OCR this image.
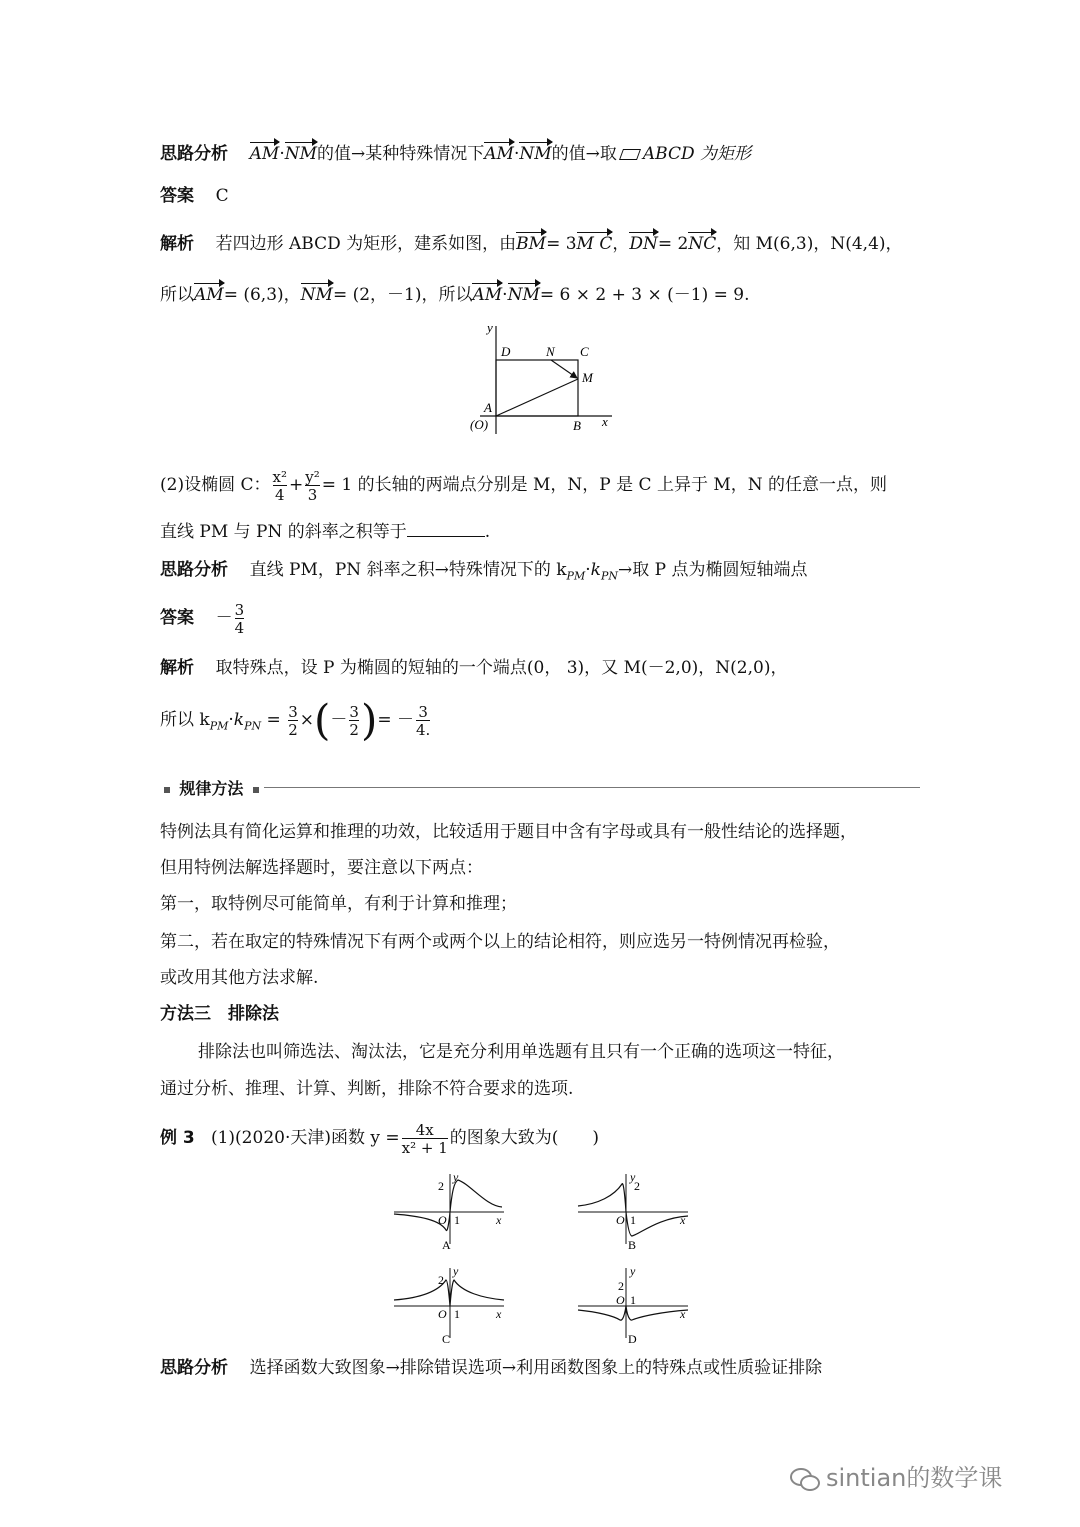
思路分析 AM·NM的值→某种特殊情况下AM·NM的值→取 ABCD 为矩形
答案 C
解析 若四边形 ABCD 为矩形，建系如图，由BM= 3M C，DN= 2NC，知 M(6,3)，N(4,4)，
所以AM= (6,3)，NM= (2，－1)，所以AM·NM= 6 × 2 + 3 × (－1) = 9.
y
x
D	N C
M
A
(O)	B
(2)设椭圆 C： $\frac{\text{x²}}{4} + \frac{\text{y²}}{3} = 1$ 的长轴的两端点分别是 M，N，P 是 C 上异于 M，N 的任意一点，则
直线 PM 与 PN 的斜率之积等于	.
思路分析 直线 PM，PN 斜率之积→特殊情况下的 $k_{PM}\cdot k_{PN}\to$取 P 点为椭圆短轴端点
答案 － $\frac{3}{4}$
解析 取特殊点，设 P 为椭圆的短轴的一个端点(0， 3)，又 M(－2,0)，N(2,0)，
所以 $k_{PM}\cdot k_{PN} = \frac{3}{2}$ ×(－ $\frac{3}{2}$ )= － $\frac{3}{4.}$
规律方法
特例法具有简化运算和推理的功效，比较适用于题目中含有字母或具有一般性结论的选择题，
但用特例法解选择题时，要注意以下两点：
第一，取特例尽可能简单，有利于计算和推理；
第二，若在取定的特殊情况下有两个或两个以上的结论相符，则应选另一特例情况再检验，
或改用其他方法求解.
方法三　排除法
排除法也叫筛选法、淘汰法，它是充分利用单选题有且只有一个正确的选项这一特征，
通过分析、推理、计算、判断，排除不符合要求的选项.
例 3 (1)(2020·天津)函数 $y = \frac{4x}{\text{x² + 1}}$ 的图象大致为(　　)
2
y
O 1	x
A
2
y
O 1	x
B
2
y
O 1	x
C
2
y
O 1
x
D
思路分析 选择函数大致图象→排除错误选项→利用函数图象上的特殊点或性质验证排除
sintian的数学课
